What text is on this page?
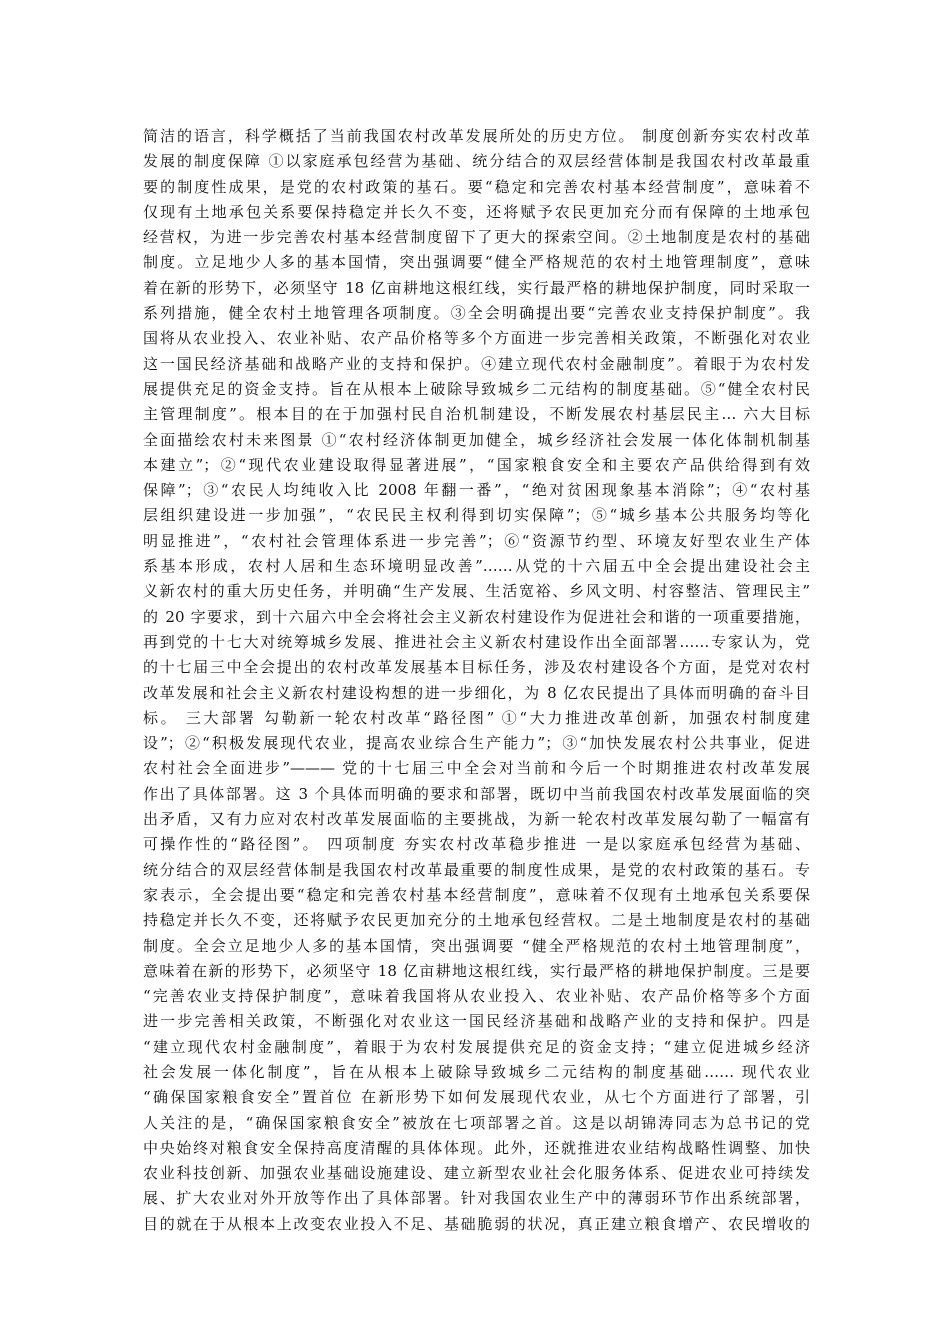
简洁的语言，科学概括了当前我国农村改革发展所处的历史方位。 制度创新夯实农村改革

发展的制度保障 ①以家庭承包经营为基础、统分结合的双层经营体制是我国农村改革最重

要的制度性成果，是党的农村政策的基石。要“稳定和完善农村基本经营制度”，意味着不

仅现有土地承包关系要保持稳定并长久不变，还将赋予农民更加充分而有保障的土地承包

经营权，为进一步完善农村基本经营制度留下了更大的探索空间。②土地制度是农村的基础

制度。立足地少人多的基本国情，突出强调要“健全严格规范的农村土地管理制度”，意味

着在新的形势下，必须坚守 18 亿亩耕地这根红线，实行最严格的耕地保护制度，同时采取一

系列措施，健全农村土地管理各项制度。③全会明确提出要“完善农业支持保护制度”。我

国将从农业投入、农业补贴、农产品价格等多个方面进一步完善相关政策，不断强化对农业

这一国民经济基础和战略产业的支持和保护。④建立现代农村金融制度”。着眼于为农村发

展提供充足的资金支持。旨在从根本上破除导致城乡二元结构的制度基础。⑤“健全农村民

主管理制度”。根本目的在于加强村民自治机制建设，不断发展农村基层民主… 六大目标

全面描绘农村未来图景 ①“农村经济体制更加健全，城乡经济社会发展一体化体制机制基

本建立”；②“现代农业建设取得显著进展”，“国家粮食安全和主要农产品供给得到有效

保障”；③“农民人均纯收入比 2008 年翻一番”，“绝对贫困现象基本消除”；④“农村基

层组织建设进一步加强”，“农民民主权利得到切实保障”；⑤“城乡基本公共服务均等化

明显推进”，“农村社会管理体系进一步完善”；⑥“资源节约型、环境友好型农业生产体

系基本形成，农村人居和生态环境明显改善”……从党的十六届五中全会提出建设社会主

义新农村的重大历史任务，并明确“生产发展、生活宽裕、乡风文明、村容整洁、管理民主”

的 20 字要求，到十六届六中全会将社会主义新农村建设作为促进社会和谐的一项重要措施，

再到党的十七大对统筹城乡发展、推进社会主义新农村建设作出全面部署……专家认为，党

的十七届三中全会提出的农村改革发展基本目标任务，涉及农村建设各个方面，是党对农村

改革发展和社会主义新农村建设构想的进一步细化，为 8 亿农民提出了具体而明确的奋斗目

标。 三大部署 勾勒新一轮农村改革“路径图” ①“大力推进改革创新，加强农村制度建

设”；②“积极发展现代农业，提高农业综合生产能力”；③“加快发展农村公共事业，促进

农村社会全面进步”——— 党的十七届三中全会对当前和今后一个时期推进农村改革发展

作出了具体部署。这 3 个具体而明确的要求和部署，既切中当前我国农村改革发展面临的突

出矛盾，又有力应对农村改革发展面临的主要挑战，为新一轮农村改革发展勾勒了一幅富有

可操作性的“路径图”。 四项制度 夯实农村改革稳步推进 一是以家庭承包经营为基础、

统分结合的双层经营体制是我国农村改革最重要的制度性成果，是党的农村政策的基石。专

家表示，全会提出要“稳定和完善农村基本经营制度”，意味着不仅现有土地承包关系要保

持稳定并长久不变，还将赋予农民更加充分的土地承包经营权。二是土地制度是农村的基础

制度。全会立足地少人多的基本国情，突出强调要 “健全严格规范的农村土地管理制度”，

意味着在新的形势下，必须坚守 18 亿亩耕地这根红线，实行最严格的耕地保护制度。三是要

“完善农业支持保护制度”，意味着我国将从农业投入、农业补贴、农产品价格等多个方面

进一步完善相关政策，不断强化对农业这一国民经济基础和战略产业的支持和保护。四是

“建立现代农村金融制度”，着眼于为农村发展提供充足的资金支持；“建立促进城乡经济

社会发展一体化制度”，旨在从根本上破除导致城乡二元结构的制度基础…… 现代农业

“确保国家粮食安全”置首位 在新形势下如何发展现代农业，从七个方面进行了部署，引

人关注的是，“确保国家粮食安全”被放在七项部署之首。这是以胡锦涛同志为总书记的党

中央始终对粮食安全保持高度清醒的具体体现。此外，还就推进农业结构战略性调整、加快

农业科技创新、加强农业基础设施建设、建立新型农业社会化服务体系、促进农业可持续发

展、扩大农业对外开放等作出了具体部署。针对我国农业生产中的薄弱环节作出系统部署，

目的就在于从根本上改变农业投入不足、基础脆弱的状况，真正建立粮食增产、农民增收的
